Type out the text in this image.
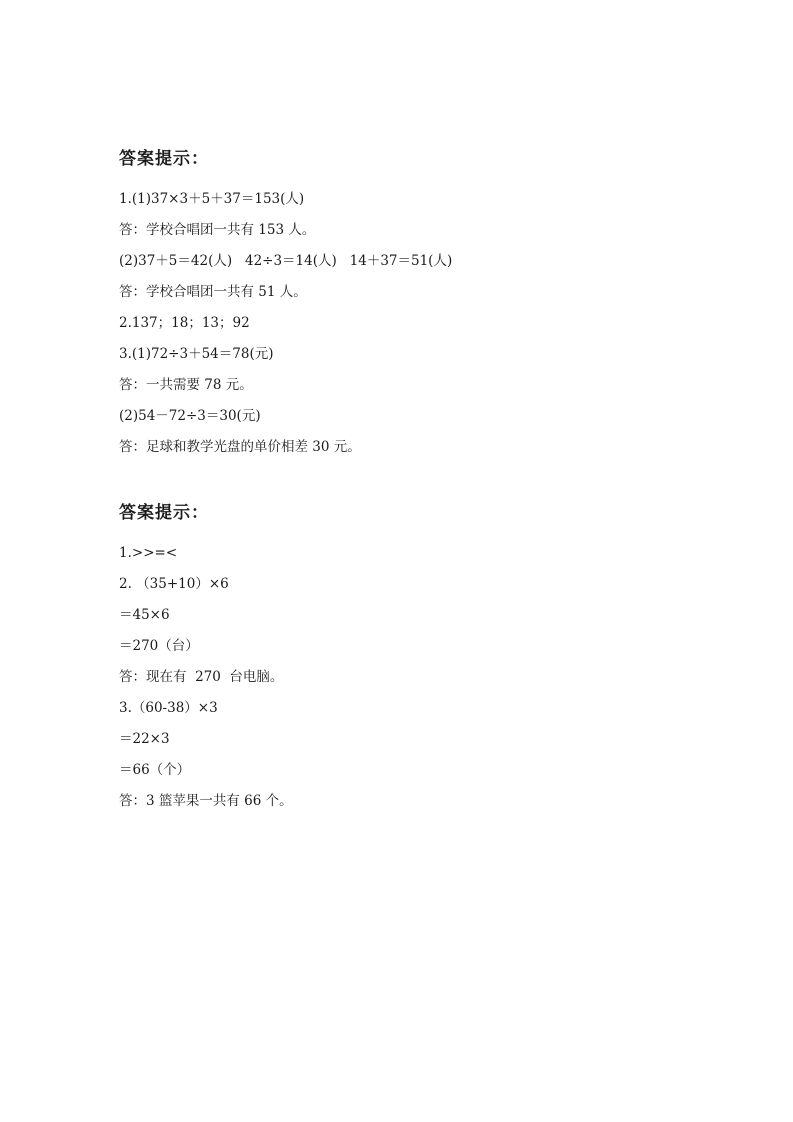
答案提示：
1.(1)37×3＋5＋37＝153(人)
答：学校合唱团一共有 153 人。
(2)37＋5＝42(人)   42÷3＝14(人)   14＋37＝51(人)
答：学校合唱团一共有 51 人。
2.137；18；13；92
3.(1)72÷3＋54＝78(元)
答：一共需要 78 元。
(2)54－72÷3＝30(元)
答：足球和教学光盘的单价相差 30 元。
答案提示：
1.>>=<
2. （35+10）×6
＝45×6
＝270（台）
答：现在有  270  台电脑。
3.（60-38）×3
＝22×3
＝66（个）
答：3 篮苹果一共有 66 个。
